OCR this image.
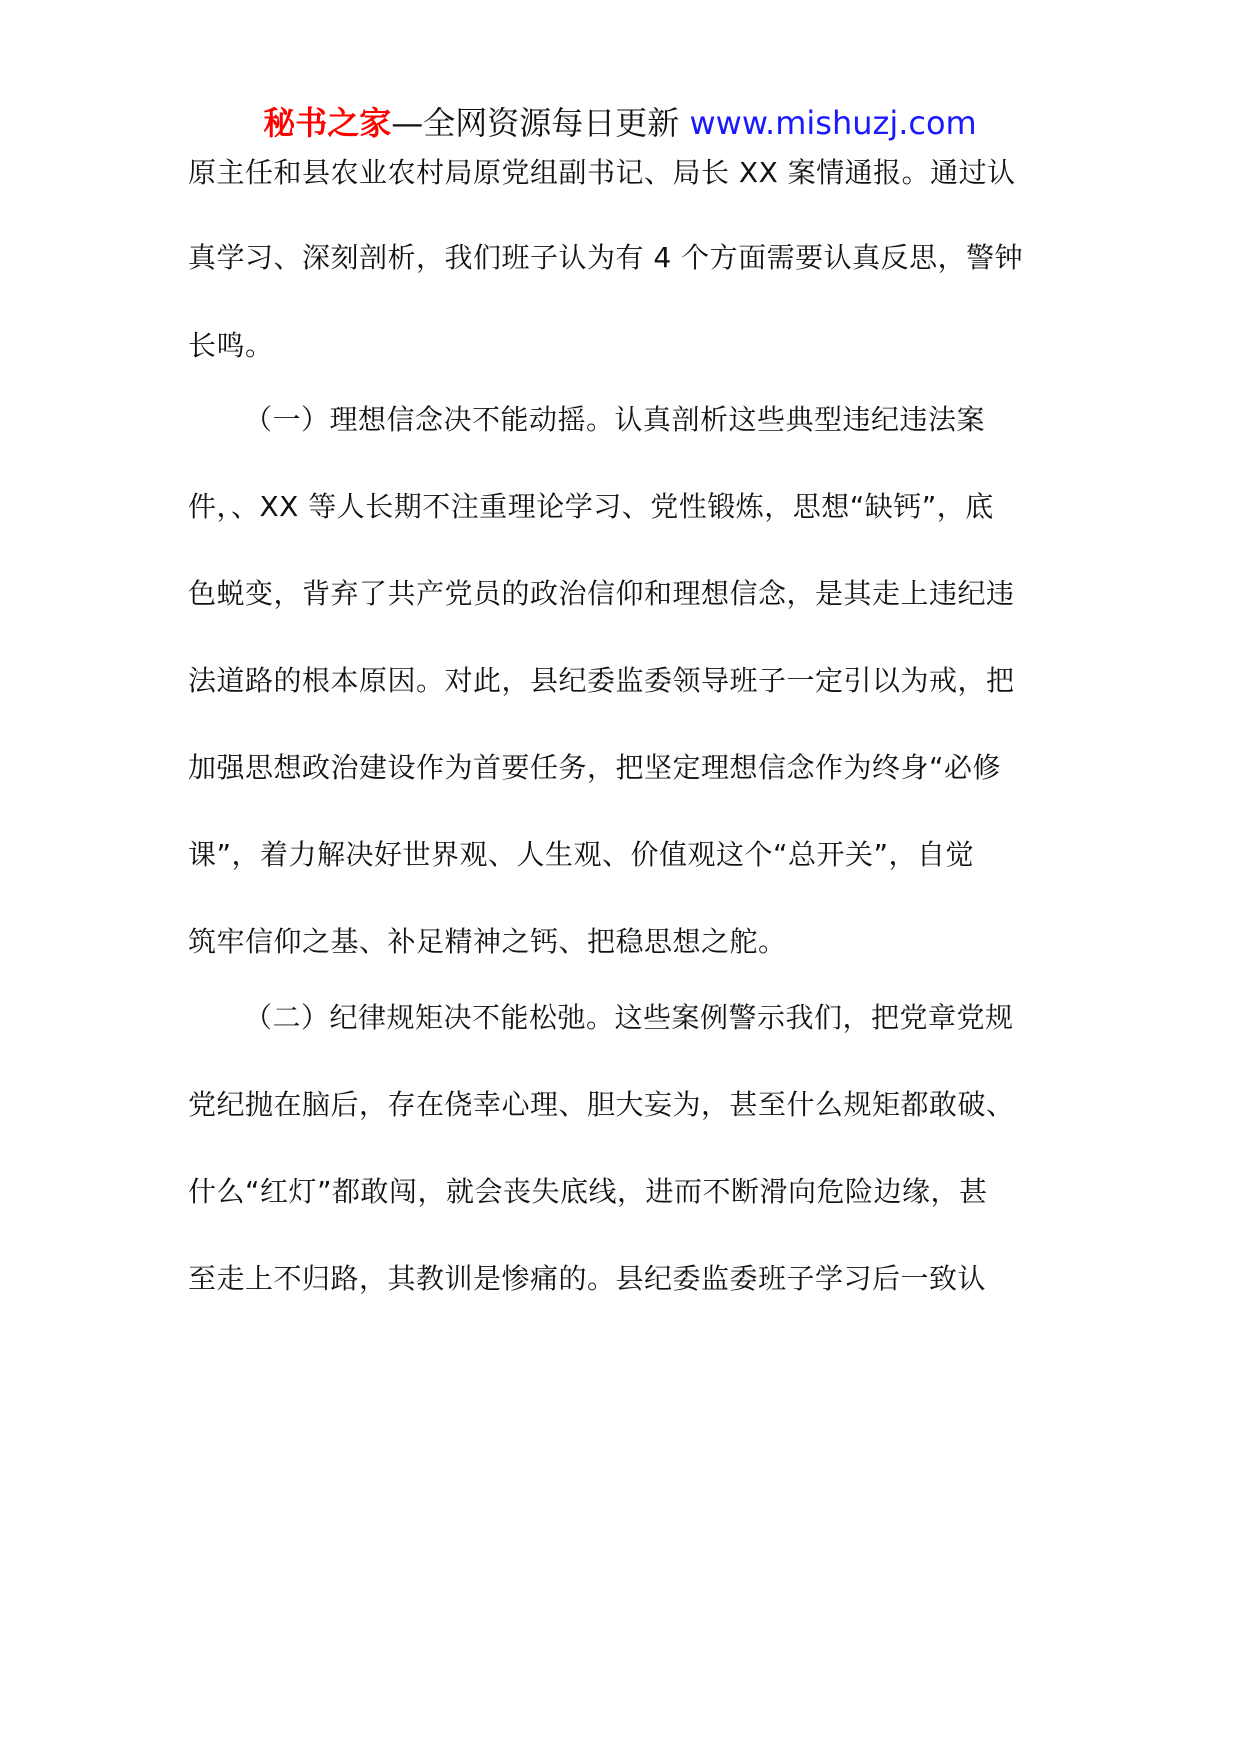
秘书之家—全网资源每日更新 www.mishuzj.com
原主任和县农业农村局原党组副书记、局长 XX 案情通报。通过认
真学习、深刻剖析，我们班子认为有 4 个方面需要认真反思，警钟
长鸣。
（一）理想信念决不能动摇。认真剖析这些典型违纪违法案
件，、XX 等人长期不注重理论学习、党性锻炼，思想“缺钙”，底
色蜕变，背弃了共产党员的政治信仰和理想信念，是其走上违纪违
法道路的根本原因。对此，县纪委监委领导班子一定引以为戒，把
加强思想政治建设作为首要任务，把坚定理想信念作为终身“必修
课”，着力解决好世界观、人生观、价值观这个“总开关”，自觉
筑牢信仰之基、补足精神之钙、把稳思想之舵。
（二）纪律规矩决不能松弛。这些案例警示我们，把党章党规
党纪抛在脑后，存在侥幸心理、胆大妄为，甚至什么规矩都敢破、
什么“红灯”都敢闯，就会丧失底线，进而不断滑向危险边缘，甚
至走上不归路，其教训是惨痛的。县纪委监委班子学习后一致认
